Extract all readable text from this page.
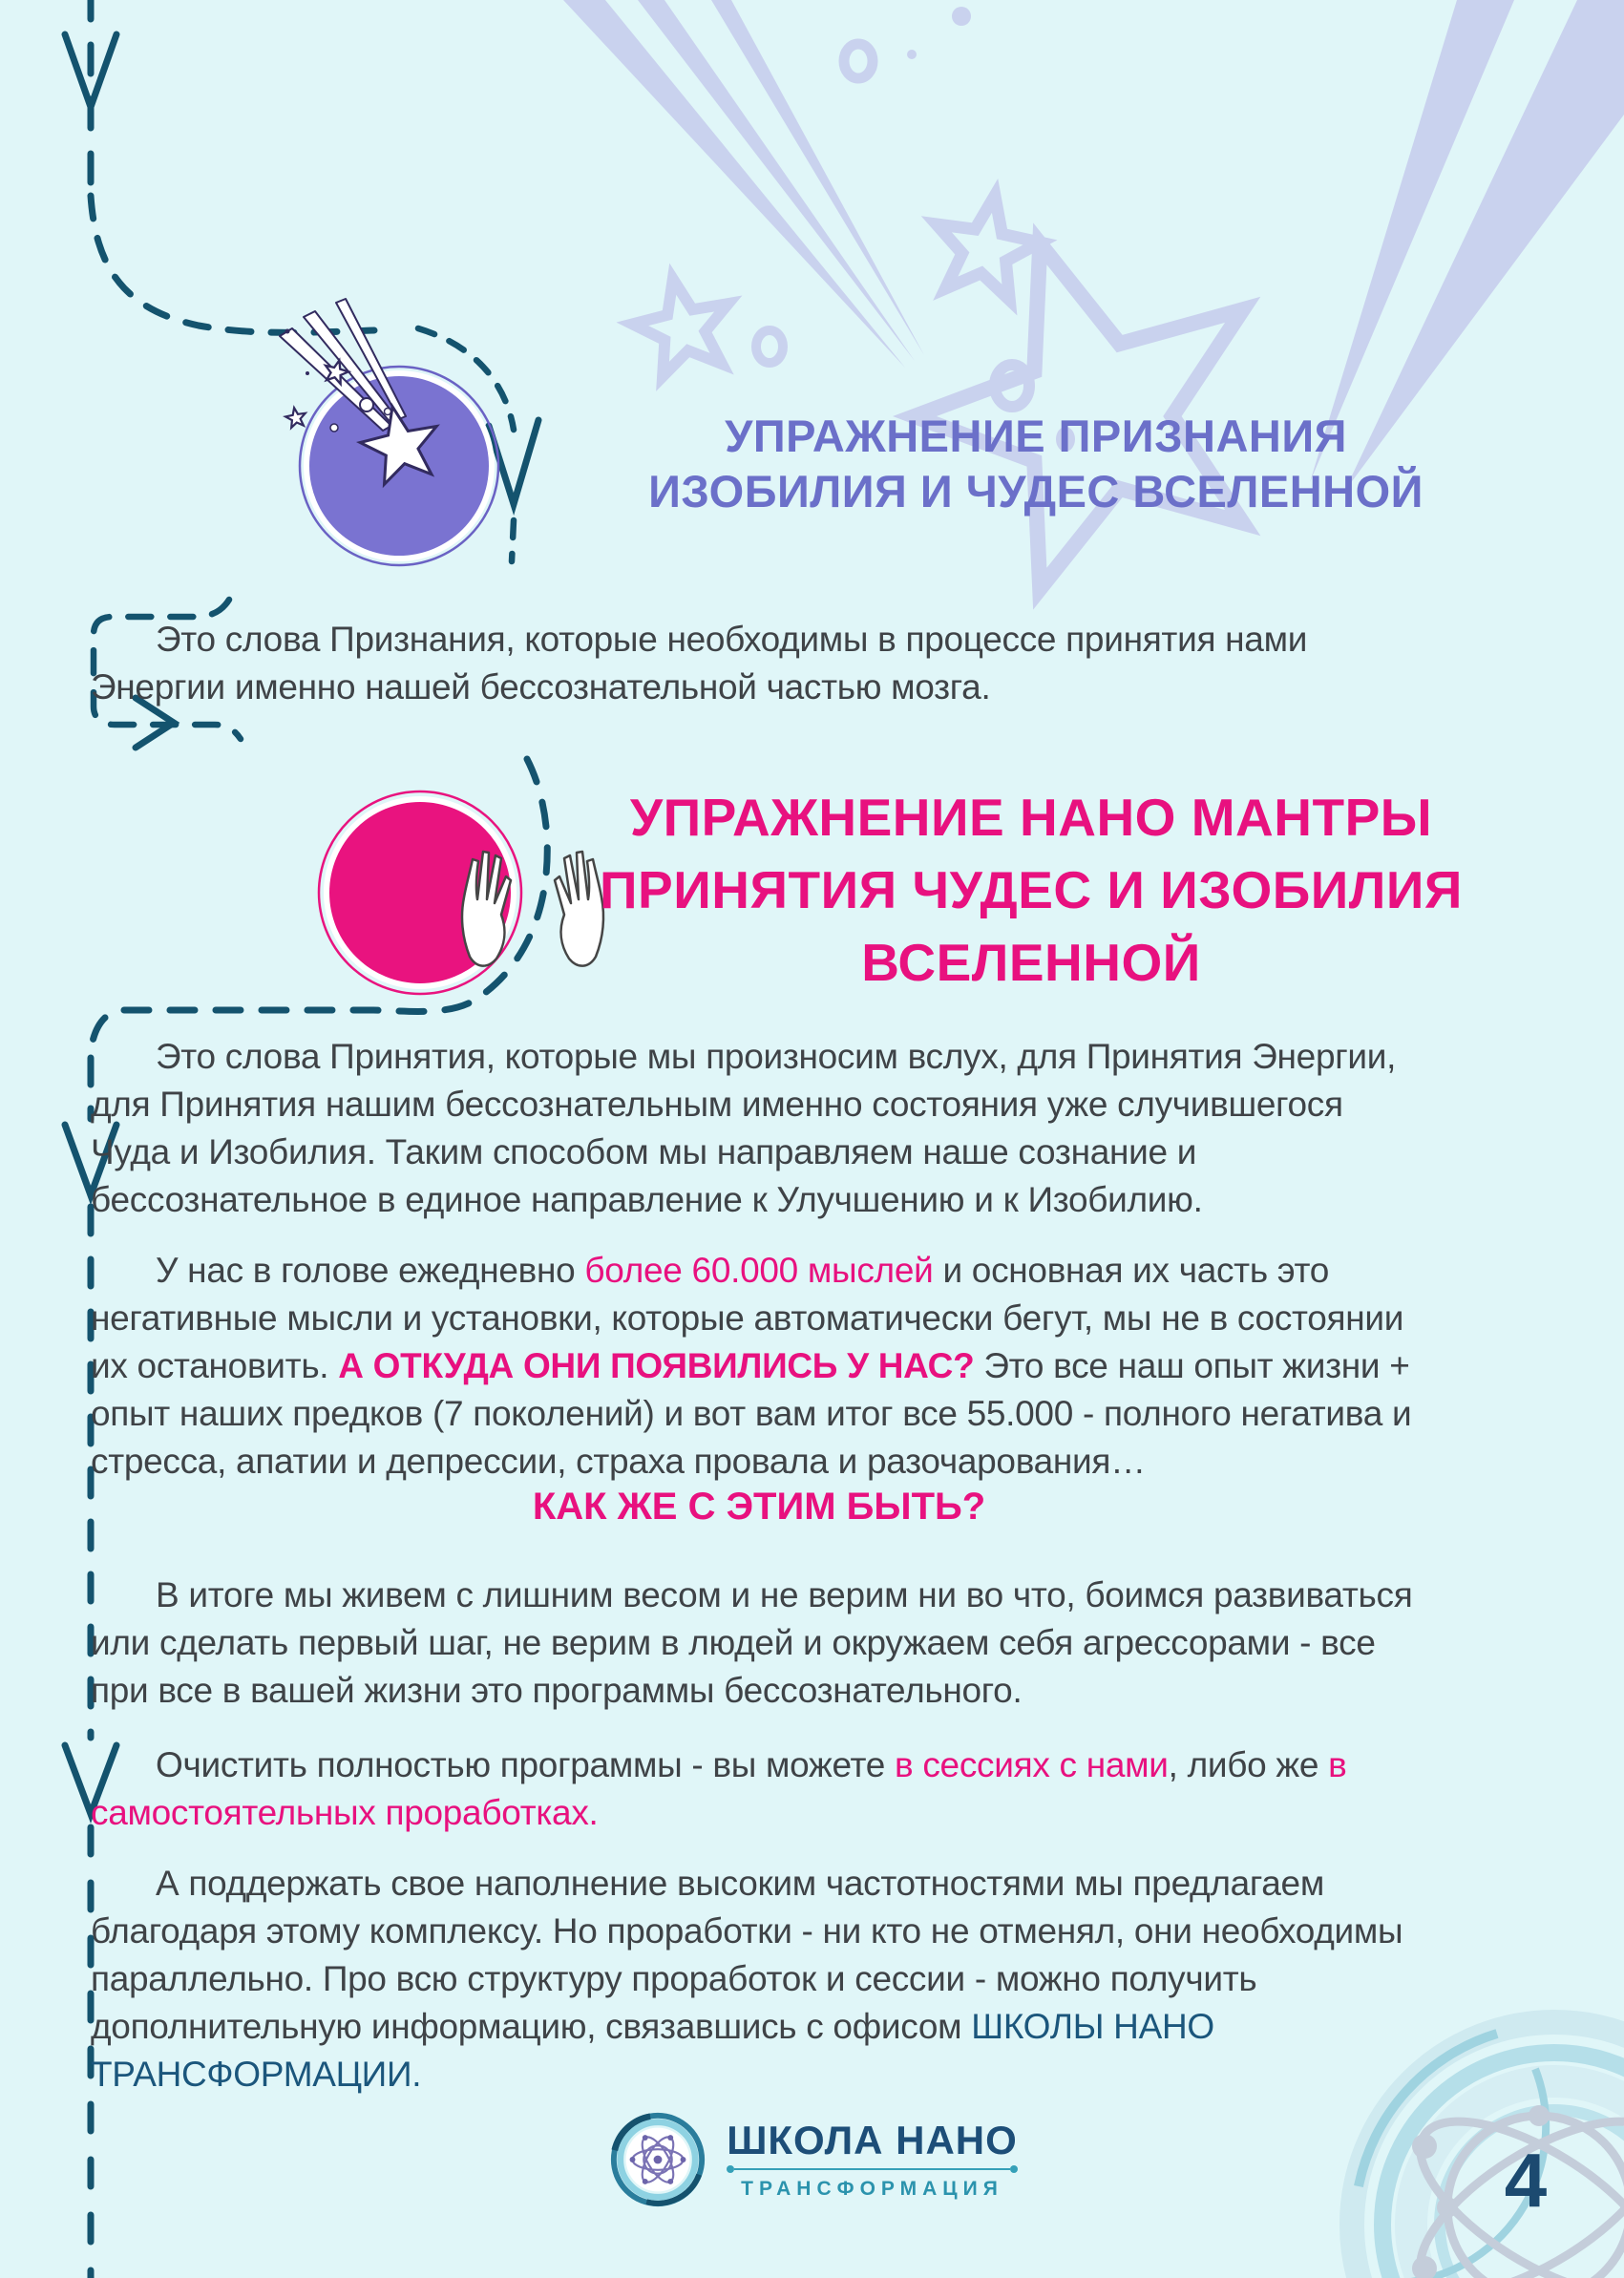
УПРАЖНЕНИЕ ПРИЗНАНИЯ
ИЗОБИЛИЯ И ЧУДЕС ВСЕЛЕННОЙ

Это слова Признания, которые необходимы в процессе принятия нами Энергии именно нашей бессознательной частью мозга.

УПРАЖНЕНИЕ НАНО МАНТРЫ
ПРИНЯТИЯ ЧУДЕС И ИЗОБИЛИЯ
ВСЕЛЕННОЙ

Это слова Принятия, которые мы произносим вслух, для Принятия Энергии, для Принятия нашим бессознательным именно состояния уже случившегося Чуда и Изобилия. Таким способом мы направляем наше сознание и бессознательное в единое направление к Улучшению и к Изобилию.

У нас в голове ежедневно более 60.000 мыслей и основная их часть это негативные мысли и установки, которые автоматически бегут, мы не в состоянии их остановить. А ОТКУДА ОНИ ПОЯВИЛИСЬ У НАС? Это все наш опыт жизни + опыт наших предков (7 поколений) и вот вам итог все 55.000 - полного негатива и стресса, апатии и депрессии, страха провала и разочарования…

КАК ЖЕ С ЭТИМ БЫТЬ?

В итоге мы живем с лишним весом и не верим ни во что, боимся развиваться или сделать первый шаг, не верим в людей и окружаем себя агрессорами - все при все в вашей жизни это программы бессознательного.

Очистить полностью программы - вы можете в сессиях с нами, либо же в самостоятельных проработках.

А поддержать свое наполнение высоким частотностями мы предлагаем благодаря этому комплексу. Но проработки - ни кто не отменял, они необходимы параллельно. Про всю структуру проработок и сессии - можно получить дополнительную информацию, связавшись с офисом ШКОЛЫ НАНО ТРАНСФОРМАЦИИ.

ШКОЛА НАНО
ТРАНСФОРМАЦИЯ	4
